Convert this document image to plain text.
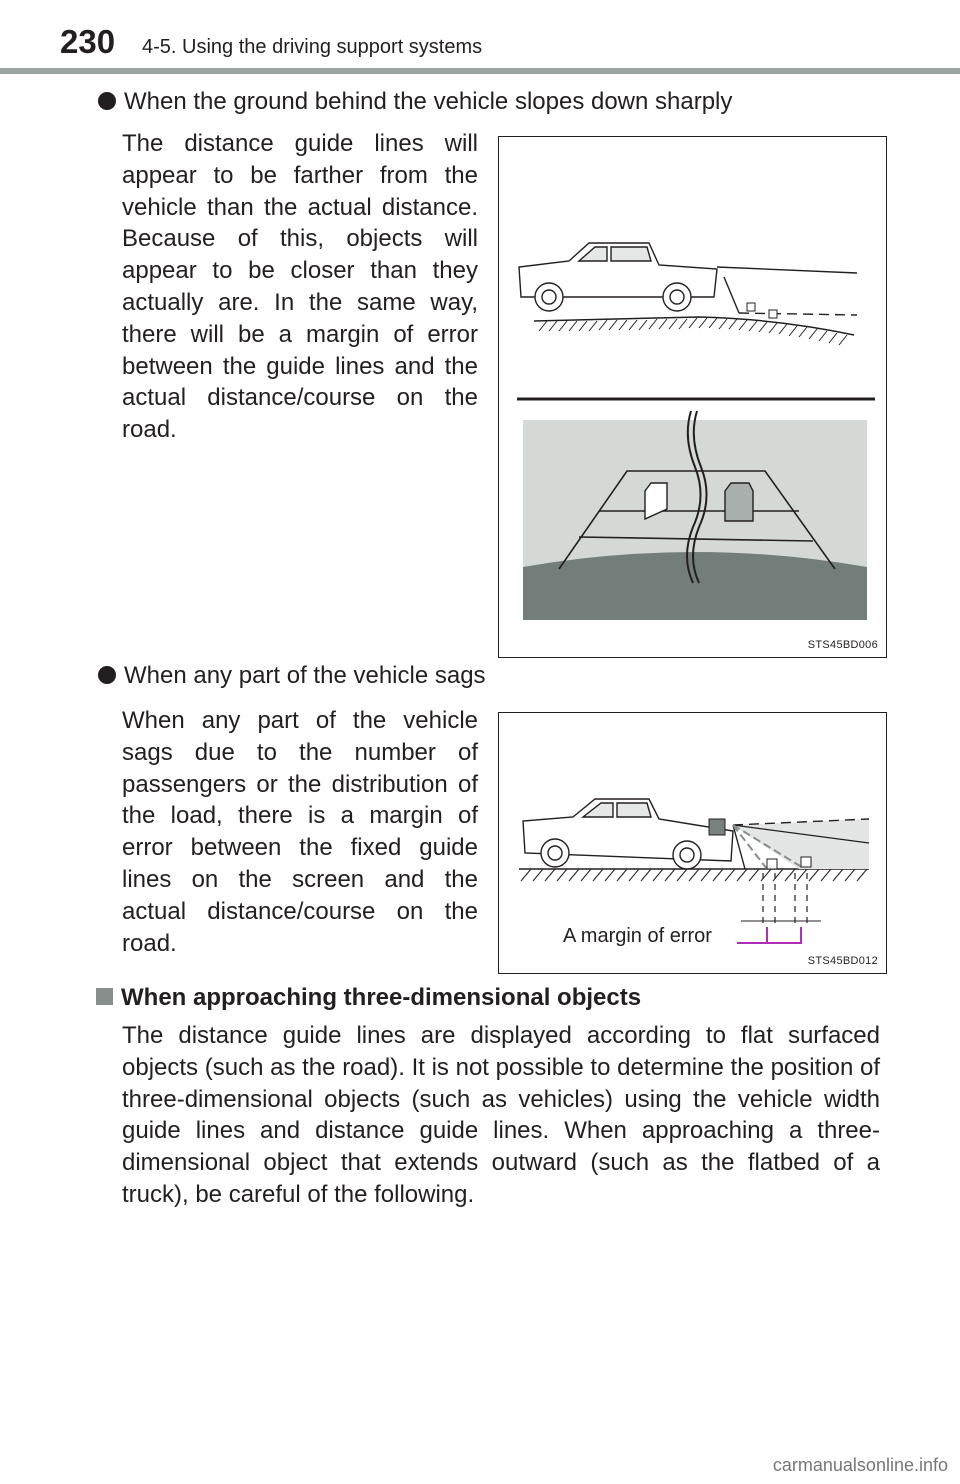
230 4-5. Using the driving support systems
When the ground behind the vehicle slopes down sharply
The distance guide lines will appear to be farther from the vehicle than the actual distance. Because of this, objects will appear to be closer than they actually are. In the same way, there will be a margin of error between the guide lines and the actual distance/course on the road.
STS45BD006
When any part of the vehicle sags
When any part of the vehicle sags due to the number of passengers or the distribution of the load, there is a margin of error between the fixed guide lines on the screen and the actual distance/course on the road.	A margin of error
STS45BD012
When approaching three-dimensional objects
The distance guide lines are displayed according to flat surfaced objects (such as the road). It is not possible to determine the position of three-dimensional objects (such as vehicles) using the vehicle width guide lines and distance guide lines. When approaching a three-dimensional object that extends outward (such as the flatbed of a truck), be careful of the following.
carmanualsonline.info
